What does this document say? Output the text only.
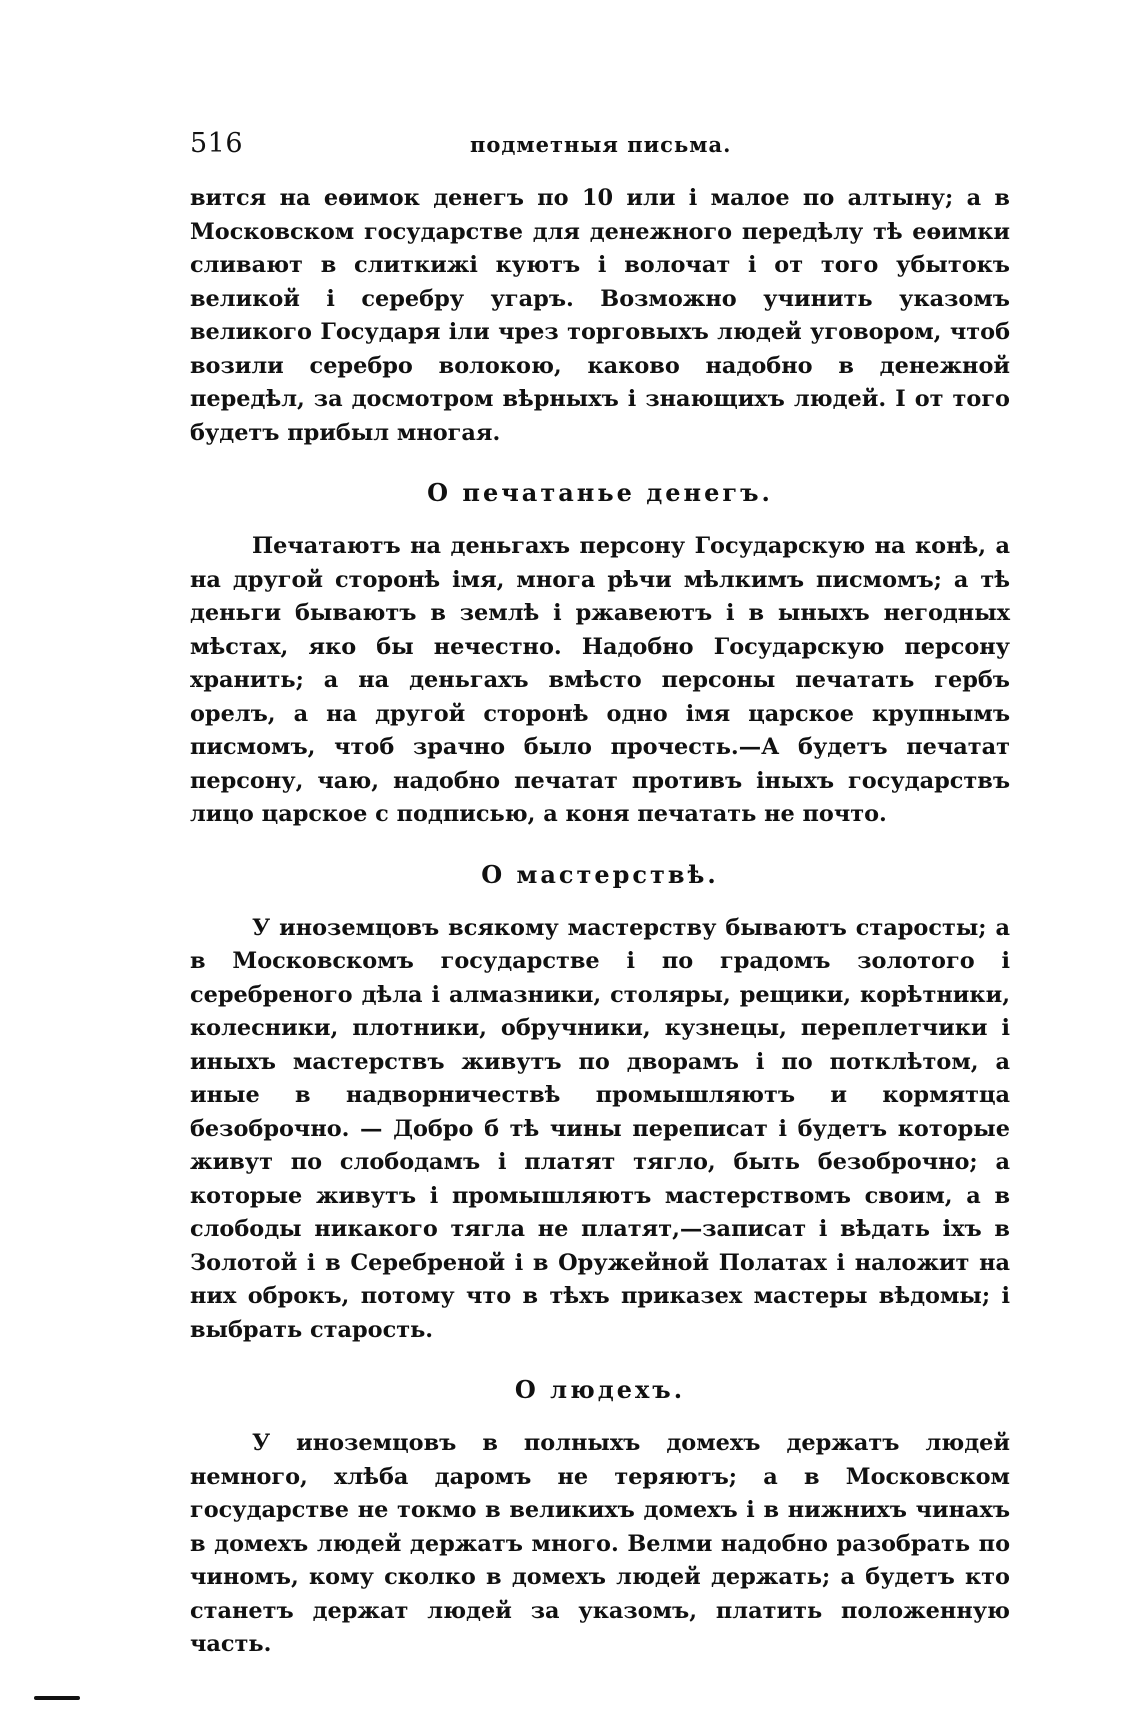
516	подметныя письма.

вится на еѳимок денегъ по 10 или і малое по алтыну; а в Московском государстве для денежного передѣлу тѣ еѳимки сливают в слиткижі куютъ і волочат і от того убытокъ великой і серебру угаръ. Возможно учинить указомъ великого Государя іли чрез торговыхъ людей уговором, чтоб возили серебро волокою, каково надобно в денежной передѣл, за досмотром вѣрныхъ і знающихъ людей. І от того будетъ прибыл многая.

О печатанье денегъ.

Печатаютъ на деньгахъ персону Государскую на конѣ, а на другой сторонѣ імя, многа рѣчи мѣлкимъ писмомъ; а тѣ деньги бываютъ в землѣ і ржавеютъ і в ыныхъ негодных мѣстах, яко бы нечестно. Надобно Государскую персону хранить; а на деньгахъ вмѣсто персоны печатать гербъ орелъ, а на другой сторонѣ одно імя царское крупнымъ писмомъ, чтоб зрачно было прочесть.—А будетъ печатат персону, чаю, надобно печатат противъ іныхъ государствъ лицо царское с подписью, а коня печатать не почто.

О мастерствѣ.

У иноземцовъ всякому мастерству бываютъ старосты; а в Московскомъ государстве і по градомъ золотого і серебреного дѣла і алмазники, столяры, рещики, корѣтники, колесники, плотники, обручники, кузнецы, переплетчики і иныхъ мастерствъ живутъ по дворамъ і по потклѣтом, а иные в надворничествѣ промышляютъ и кормятца безоброчно. — Добро б тѣ чины переписат і будетъ которые живут по слободамъ і платят тягло, быть безоброчно; а которые живутъ і промышляютъ мастерствомъ своим, а в слободы никакого тягла не платят,—записат і вѣдать іхъ в Золотой і в Серебреной і в Оружейной Полатах і наложит на них оброкъ, потому что в тѣхъ приказех мастеры вѣдомы; і выбрать старость.

О людехъ.

У иноземцовъ в полныхъ домехъ держатъ людей немного, хлѣба даромъ не теряютъ; а в Московском государстве не токмо в великихъ домехъ і в нижнихъ чинахъ в домехъ людей держатъ много. Велми надобно разобрать по чиномъ, кому сколко в домехъ людей держать; а будетъ кто станетъ держат людей за указомъ, платить положенную часть.
